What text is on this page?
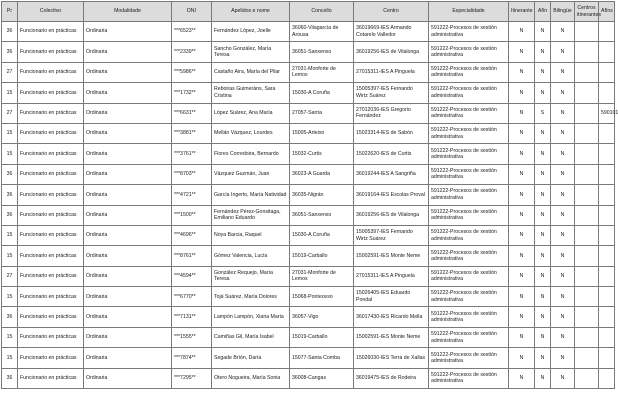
Pr	Colectivo	Modalidade	DNI	Apelidos e nome	Concello	Centro	Especialidade	Itinerante	Afín	Bilingüe	Centros itinerantes	Afíns
36	Funcionario en prácticas	Ordinaria	***6523**	Fernández López, Joelle	36060-Vilagarcía de Arousa	36019669-IES Armando Cotarelo Valledor	591222-Procesos de xestión administrativa	N	N	N		
36	Funcionario en prácticas	Ordinaria	***2339**	Sancho González, María Teresa	36051-Sanxenxo	36019256-IES de Vilalonga	591222-Procesos de xestión administrativa	N	N	N		
27	Funcionario en prácticas	Ordinaria	***5986**	Castaño Aira, María del Pilar	27031-Monforte de Lemos	27015311-IES A Pinguela	591222-Procesos de xestión administrativa	N	N	N		
15	Funcionario en prácticas	Ordinaria	***1732**	Reboiras Guimeráns, Sara Cristina	15030-A Coruña	15005397-IES Fernando Wirtz Suárez	591222-Procesos de xestión administrativa	N	N	N		
27	Funcionario en prácticas	Ordinaria	***6631**	López Suárez, Ana María	27057-Sarria	27012036-IES Gregorio Fernández	591222-Procesos de xestión administrativa	N	S	N		590101
15	Funcionario en prácticas	Ordinaria	***3881**	Mellán Vázquez, Lourdes	15005-Arteixo	15023314-IES de Sabón	591222-Procesos de xestión administrativa	N	N	N		
15	Funcionario en prácticas	Ordinaria	***3761**	Flores Corredoira, Bernardo	15032-Curtis	15022620-IES de Curtis	591222-Procesos de xestión administrativa	N	N	N		
36	Funcionario en prácticas	Ordinaria	***8703**	Vázquez Guzmán, Juan	36023-A Guarda	36019244-IES A Sangriña	591222-Procesos de xestión administrativa	N	N	N		
36	Funcionario en prácticas	Ordinaria	***4721**	García Ingerto, María Natividad	36035-Nigrán	36019164-IES Escolas Proval	591222-Procesos de xestión administrativa	N	N	N		
36	Funcionario en prácticas	Ordinaria	***1500**	Fernández Pérez-Gonsitaga, Emiliano Eduardo	36051-Sanxenxo	36019256-IES de Vilalonga	591222-Procesos de xestión administrativa	N	N	N		
15	Funcionario en prácticas	Ordinaria	***4696**	Noya Barcia, Raquel	15030-A Coruña	15005397-IES Fernando Wirtz Suárez	591222-Procesos de xestión administrativa	N	N	N		
15	Funcionario en prácticas	Ordinaria	***8761**	Gómez Valencia, Lucía	15019-Carballo	15002591-IES Monte Neme	591222-Procesos de xestión administrativa	N	N	N		
27	Funcionario en prácticas	Ordinaria	***4594**	González Requejo, María Teresa	27031-Monforte de Lemos	27015311-IES A Pinguela	591222-Procesos de xestión administrativa	N	N	N		
15	Funcionario en prácticas	Ordinaria	***6770**	Tojá Suárez, María Dolores	15068-Ponteceso	15026405-IES Eduardo Pondal	591222-Procesos de xestión administrativa	N	N	N		
36	Funcionario en prácticas	Ordinaria	***7131**	Lampón Lampón, Xiana María	36057-Vigo	36017430-IES Ricardo Mella	591222-Procesos de xestión administrativa	N	N	N		
15	Funcionario en prácticas	Ordinaria	***1555**	Camiñas Gil, María Isabel	15019-Carballo	15002591-IES Monte Neme	591222-Procesos de xestión administrativa	N	N	N		
15	Funcionario en prácticas	Ordinaria	***7874**	Segade Bríón, Daría	15077-Santa Comba	15026030-IES Terra de Xallas	591222-Procesos de xestión administrativa	N	N	N		
36	Funcionario en prácticas	Ordinaria	***7295**	Otero Nogueira, María Sonia	36008-Cangas	36019475-IES de Rodeira	591222-Procesos de xestión administrativa	N	N	N		
